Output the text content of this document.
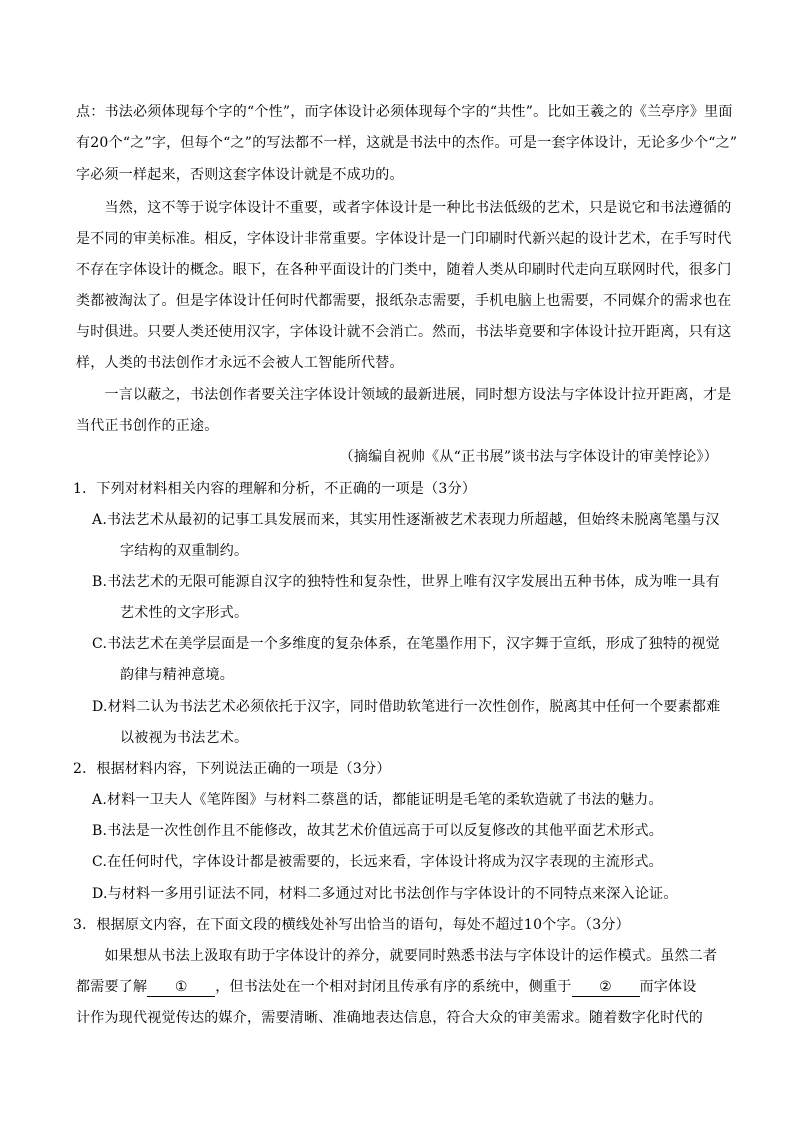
点：书法必须体现每个字的“个性”，而字体设计必须体现每个字的“共性”。比如王羲之的《兰亭序》里面
有20个“之”字，但每个“之”的写法都不一样，这就是书法中的杰作。可是一套字体设计，无论多少个“之”
字必须一样起来，否则这套字体设计就是不成功的。
　　当然，这不等于说字体设计不重要，或者字体设计是一种比书法低级的艺术，只是说它和书法遵循的
是不同的审美标准。相反，字体设计非常重要。字体设计是一门印刷时代新兴起的设计艺术，在手写时代
不存在字体设计的概念。眼下，在各种平面设计的门类中，随着人类从印刷时代走向互联网时代，很多门
类都被淘汰了。但是字体设计任何时代都需要，报纸杂志需要，手机电脑上也需要，不同媒介的需求也在
与时俱进。只要人类还使用汉字，字体设计就不会消亡。然而，书法毕竟要和字体设计拉开距离，只有这
样，人类的书法创作才永远不会被人工智能所代替。
　　一言以蔽之，书法创作者要关注字体设计领域的最新进展，同时想方设法与字体设计拉开距离，才是
当代正书创作的正途。
（摘编自祝帅《从“正书展”谈书法与字体设计的审美悖论》）
1．下列对材料相关内容的理解和分析，不正确的一项是（3分）
A.书法艺术从最初的记事工具发展而来，其实用性逐渐被艺术表现力所超越，但始终未脱离笔墨与汉
字结构的双重制约。
B.书法艺术的无限可能源自汉字的独特性和复杂性，世界上唯有汉字发展出五种书体，成为唯一具有
艺术性的文字形式。
C.书法艺术在美学层面是一个多维度的复杂体系，在笔墨作用下，汉字舞于宣纸，形成了独特的视觉
韵律与精神意境。
D.材料二认为书法艺术必须依托于汉字，同时借助软笔进行一次性创作，脱离其中任何一个要素都难
以被视为书法艺术。
2．根据材料内容，下列说法正确的一项是（3分）
A.材料一卫夫人《笔阵图》与材料二蔡邕的话，都能证明是毛笔的柔软造就了书法的魅力。
B.书法是一次性创作且不能修改，故其艺术价值远高于可以反复修改的其他平面艺术形式。
C.在任何时代，字体设计都是被需要的，长远来看，字体设计将成为汉字表现的主流形式。
D.与材料一多用引证法不同，材料二多通过对比书法创作与字体设计的不同特点来深入论证。
3．根据原文内容，在下面文段的横线处补写出恰当的语句，每处不超过10个字。（3分）
　　如果想从书法上汲取有助于字体设计的养分，就要同时熟悉书法与字体设计的运作模式。虽然二者
都需要了解 ① ，但书法处在一个相对封闭且传承有序的系统中，侧重于 ② 而字体设
计作为现代视觉传达的媒介，需要清晰、准确地表达信息，符合大众的审美需求。随着数字化时代的
